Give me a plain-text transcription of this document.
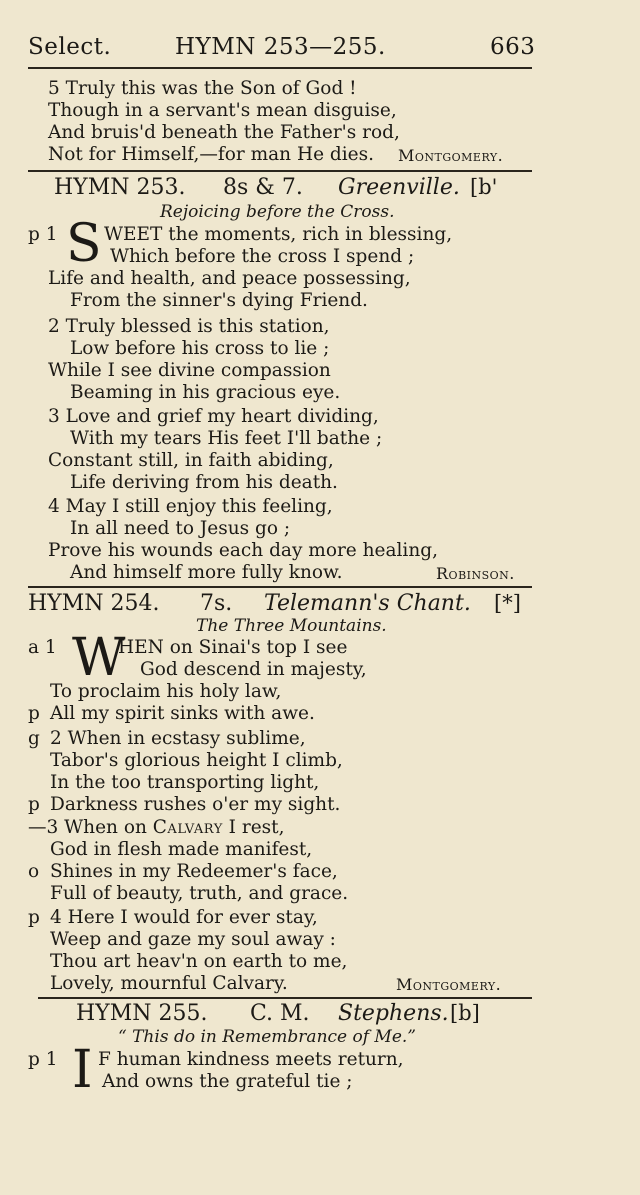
Select.	HYMN 253—255.	663
5 Truly this was the Son of God !
Though in a servant's mean disguise,
And bruis'd beneath the Father's rod,
Not for Himself,—for man He dies. Montgomery.
HYMN 253. 8s & 7. Greenville. [b'
Rejoicing before the Cross.
p 1 S WEET the moments, rich in blessing,
Which before the cross I spend ;
Life and health, and peace possessing,
From the sinner's dying Friend.
2 Truly blessed is this station,
Low before his cross to lie ;
While I see divine compassion
Beaming in his gracious eye.
3 Love and grief my heart dividing,
With my tears His feet I'll bathe ;
Constant still, in faith abiding,
Life deriving from his death.
4 May I still enjoy this feeling,
In all need to Jesus go ;
Prove his wounds each day more healing,
And himself more fully know.	Robinson.
HYMN 254. 7s. Telemann's Chant. [*]
The Three Mountains.
a 1 W
HEN on Sinai's top I see
God descend in majesty,
To proclaim his holy law,
p All my spirit sinks with awe.
g 2 When in ecstasy sublime,
Tabor's glorious height I climb,
In the too transporting light,
p Darkness rushes o'er my sight.
—3 When on Calvary I rest,
God in flesh made manifest,
o Shines in my Redeemer's face,
Full of beauty, truth, and grace.
p 4 Here I would for ever stay,
Weep and gaze my soul away :
Thou art heav'n on earth to me,
Lovely, mournful Calvary.	Montgomery.
HYMN 255. C. M. Stephens. [b]
“ This do in Remembrance of Me.”
p 1 I F human kindness meets return,
And owns the grateful tie ;
